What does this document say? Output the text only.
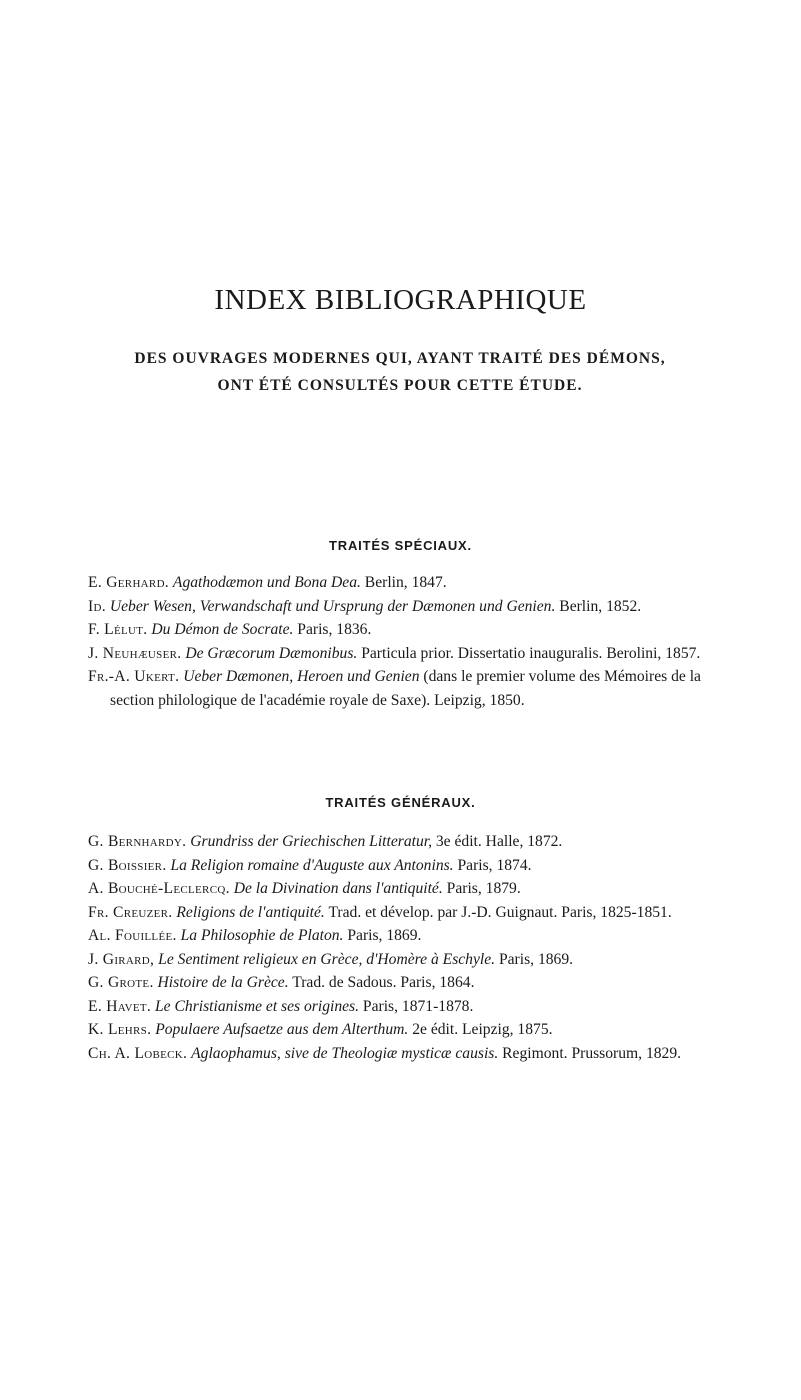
INDEX BIBLIOGRAPHIQUE
DES OUVRAGES MODERNES QUI, AYANT TRAITÉ DES DÉMONS,
ONT ÉTÉ CONSULTÉS POUR CETTE ÉTUDE.
TRAITÉS SPÉCIAUX.
E. Gerhard. Agathodæmon und Bona Dea. Berlin, 1847.
Id. Ueber Wesen, Verwandschaft und Ursprung der Dæmonen und Genien. Berlin, 1852.
F. Lélut. Du Démon de Socrate. Paris, 1836.
J. Neuhæuser. De Græcorum Dæmonibus. Particula prior. Dissertatio inauguralis. Berolini, 1857.
Fr.-A. Ukert. Ueber Dæmonen, Heroen und Genien (dans le premier volume des Mémoires de la section philologique de l'académie royale de Saxe). Leipzig, 1850.
TRAITÉS GÉNÉRAUX.
G. Bernhardy. Grundriss der Griechischen Litteratur, 3e édit. Halle, 1872.
G. Boissier. La Religion romaine d'Auguste aux Antonins. Paris, 1874.
A. Bouché-Leclercq. De la Divination dans l'antiquité. Paris, 1879.
Fr. Creuzer. Religions de l'antiquité. Trad. et dévelop. par J.-D. Guignaut. Paris, 1825-1851.
Al. Fouillée. La Philosophie de Platon. Paris, 1869.
J. Girard, Le Sentiment religieux en Grèce, d'Homère à Eschyle. Paris, 1869.
G. Grote. Histoire de la Grèce. Trad. de Sadous. Paris, 1864.
E. Havet. Le Christianisme et ses origines. Paris, 1871-1878.
K. Lehrs. Populaere Aufsaetze aus dem Alterthum. 2e édit. Leipzig, 1875.
Ch. A. Lobeck. Aglaophamus, sive de Theologiæ mysticæ causis. Regimont. Prussorum, 1829.
